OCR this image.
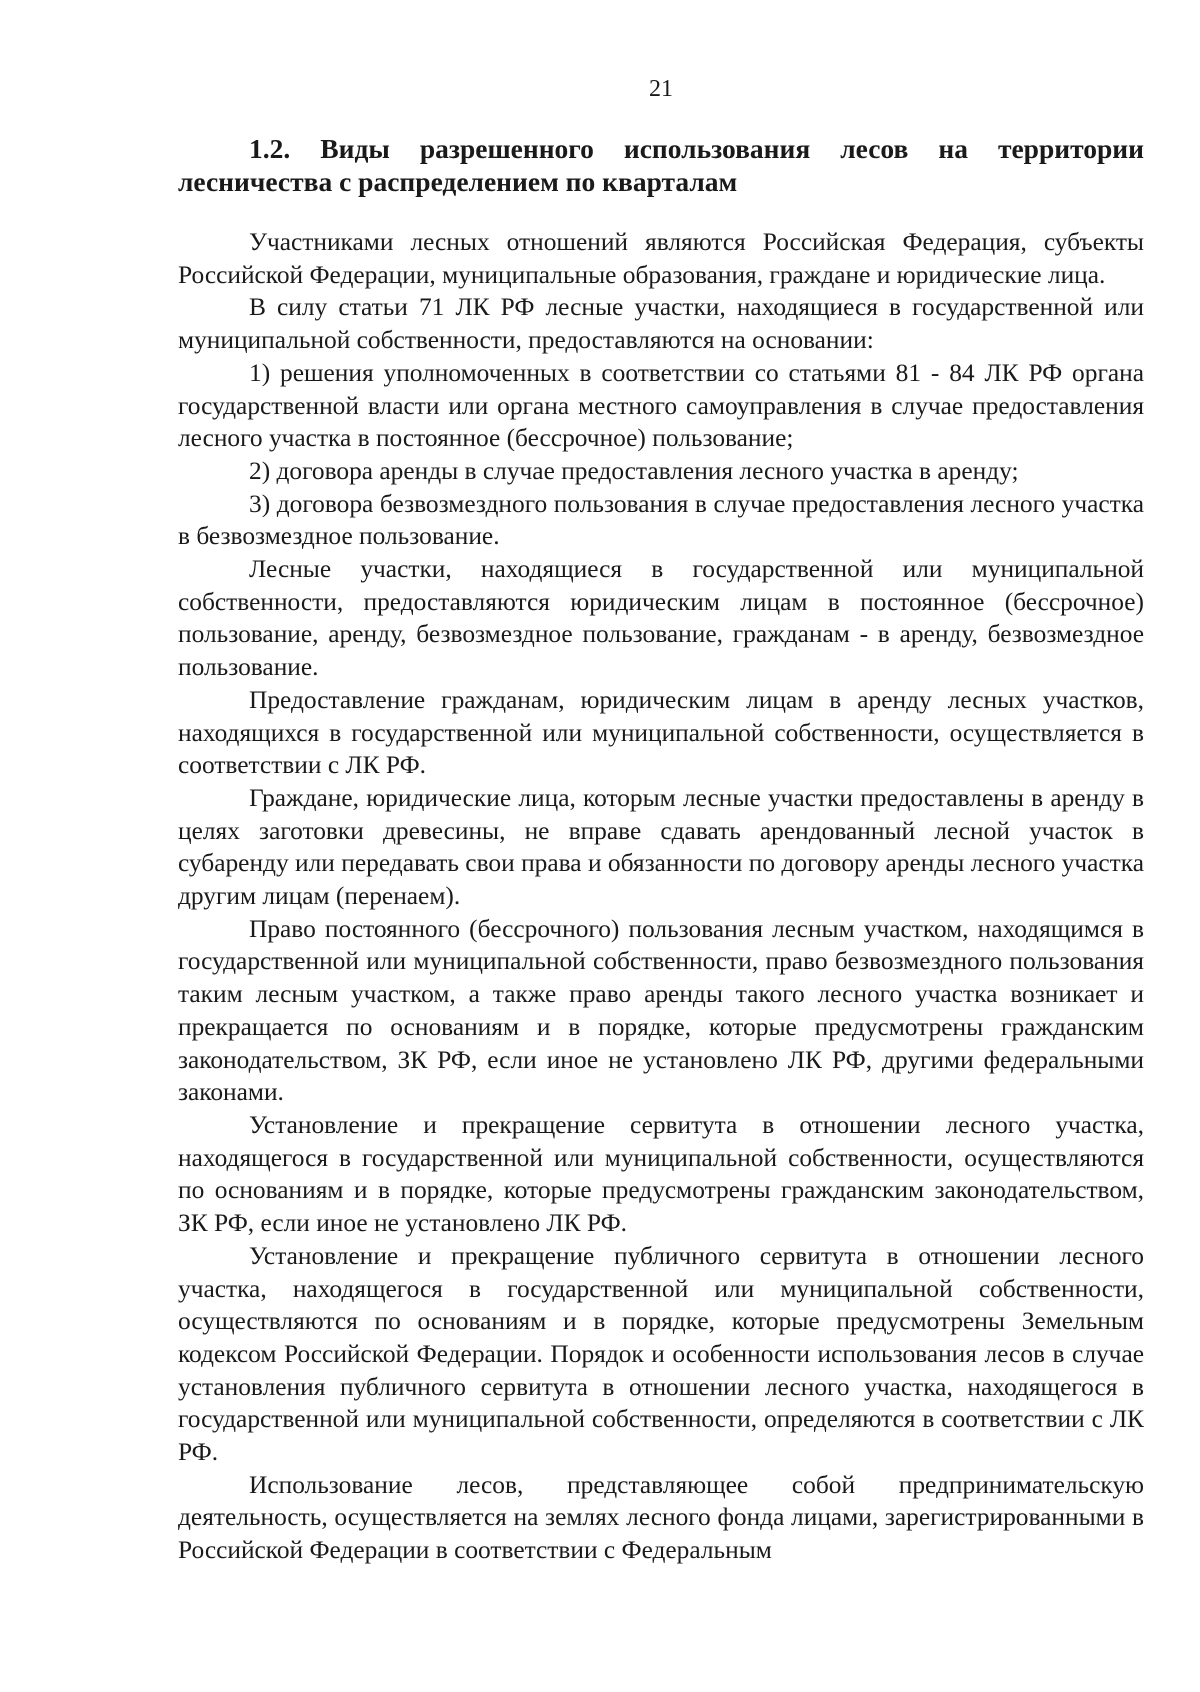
21
1.2. Виды разрешенного использования лесов на территории
лесничества с распределением по кварталам

Участниками лесных отношений являются Российская Федерация, субъекты Российской Федерации, муниципальные образования, граждане и юридические лица.

В силу статьи 71 ЛК РФ лесные участки, находящиеся в государственной или муниципальной собственности, предоставляются на основании:

1) решения уполномоченных в соответствии со статьями 81 - 84 ЛК РФ органа государственной власти или органа местного самоуправления в случае предоставления лесного участка в постоянное (бессрочное) пользование;

2) договора аренды в случае предоставления лесного участка в аренду;

3) договора безвозмездного пользования в случае предоставления лесного участка в безвозмездное пользование.

Лесные участки, находящиеся в государственной или муниципальной собственности, предоставляются юридическим лицам в постоянное (бессрочное) пользование, аренду, безвозмездное пользование, гражданам - в аренду, безвозмездное пользование.

Предоставление гражданам, юридическим лицам в аренду лесных участков, находящихся в государственной или муниципальной собственности, осуществляется в соответствии с ЛК РФ.

Граждане, юридические лица, которым лесные участки предоставлены в аренду в целях заготовки древесины, не вправе сдавать арендованный лесной участок в субаренду или передавать свои права и обязанности по договору аренды лесного участка другим лицам (перенаем).

Право постоянного (бессрочного) пользования лесным участком, находящимся в государственной или муниципальной собственности, право безвозмездного пользования таким лесным участком, а также право аренды такого лесного участка возникает и прекращается по основаниям и в порядке, которые предусмотрены гражданским законодательством, ЗК РФ, если иное не установлено ЛК РФ, другими федеральными законами.

Установление и прекращение сервитута в отношении лесного участка, находящегося в государственной или муниципальной собственности, осуществляются по основаниям и в порядке, которые предусмотрены гражданским законодательством, ЗК РФ, если иное не установлено ЛК РФ.

Установление и прекращение публичного сервитута в отношении лесного участка, находящегося в государственной или муниципальной собственности, осуществляются по основаниям и в порядке, которые предусмотрены Земельным кодексом Российской Федерации. Порядок и особенности использования лесов в случае установления публичного сервитута в отношении лесного участка, находящегося в государственной или муниципальной собственности, определяются в соответствии с ЛК РФ.

Использование лесов, представляющее собой предпринимательскую деятельность, осуществляется на землях лесного фонда лицами, зарегистрированными в Российской Федерации в соответствии с Федеральным
